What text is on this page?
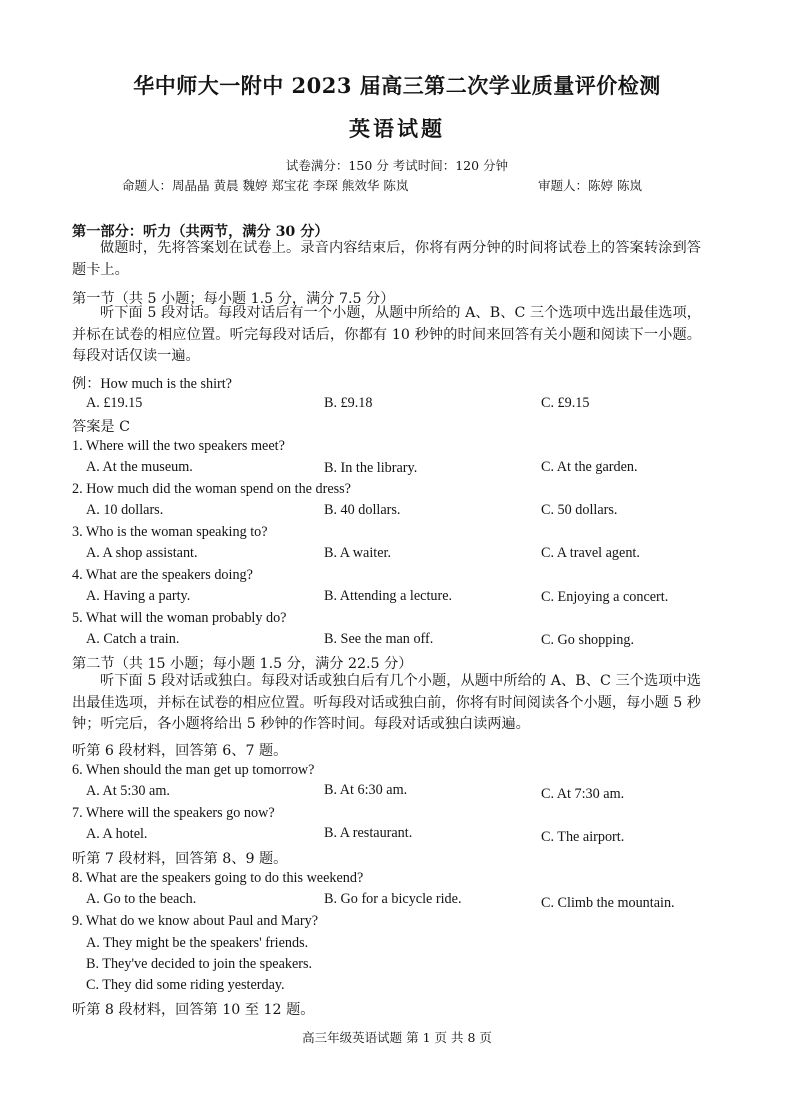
华中师大一附中 2023 届高三第二次学业质量评价检测
英语试题
试卷满分：150 分 考试时间：120 分钟
命题人：周晶晶 黄晨 魏婷 郑宝花 李琛 熊效华 陈岚	审题人：陈婷 陈岚
第一部分：听力（共两节，满分 30 分）
做题时，先将答案划在试卷上。录音内容结束后，你将有两分钟的时间将试卷上的答案转涂到答题卡上。
第一节（共 5 小题；每小题 1.5 分，满分 7.5 分）
听下面 5 段对话。每段对话后有一个小题，从题中所给的 A、B、C 三个选项中选出最佳选项，并标在试卷的相应位置。听完每段对话后，你都有 10 秒钟的时间来回答有关小题和阅读下一小题。每段对话仅读一遍。
例：How much is the shirt?
A. £19.15	B. £9.18	C. £9.15
答案是 C
1. Where will the two speakers meet?
A. At the museum.	B. In the library.	C. At the garden.
2. How much did the woman spend on the dress?
A. 10 dollars.	B. 40 dollars.	C. 50 dollars.
3. Who is the woman speaking to?
A. A shop assistant.	B. A waiter.	C. A travel agent.
4. What are the speakers doing?
A. Having a party.	B. Attending a lecture.	C. Enjoying a concert.
5. What will the woman probably do?
A. Catch a train.	B. See the man off.	C. Go shopping.
第二节（共 15 小题；每小题 1.5 分，满分 22.5 分）
听下面 5 段对话或独白。每段对话或独白后有几个小题，从题中所给的 A、B、C 三个选项中选出最佳选项，并标在试卷的相应位置。听每段对话或独白前，你将有时间阅读各个小题，每小题 5 秒钟；听完后，各小题将给出 5 秒钟的作答时间。每段对话或独白读两遍。
听第 6 段材料，回答第 6、7 题。
6. When should the man get up tomorrow?
A. At 5:30 am.	B. At 6:30 am.	C. At 7:30 am.
7. Where will the speakers go now?
A. A hotel.	B. A restaurant.	C. The airport.
听第 7 段材料，回答第 8、9 题。
8. What are the speakers going to do this weekend?
A. Go to the beach.	B. Go for a bicycle ride.	C. Climb the mountain.
9. What do we know about Paul and Mary?
A. They might be the speakers' friends.
B. They've decided to join the speakers.
C. They did some riding yesterday.
听第 8 段材料，回答第 10 至 12 题。
高三年级英语试题 第 1 页 共 8 页
